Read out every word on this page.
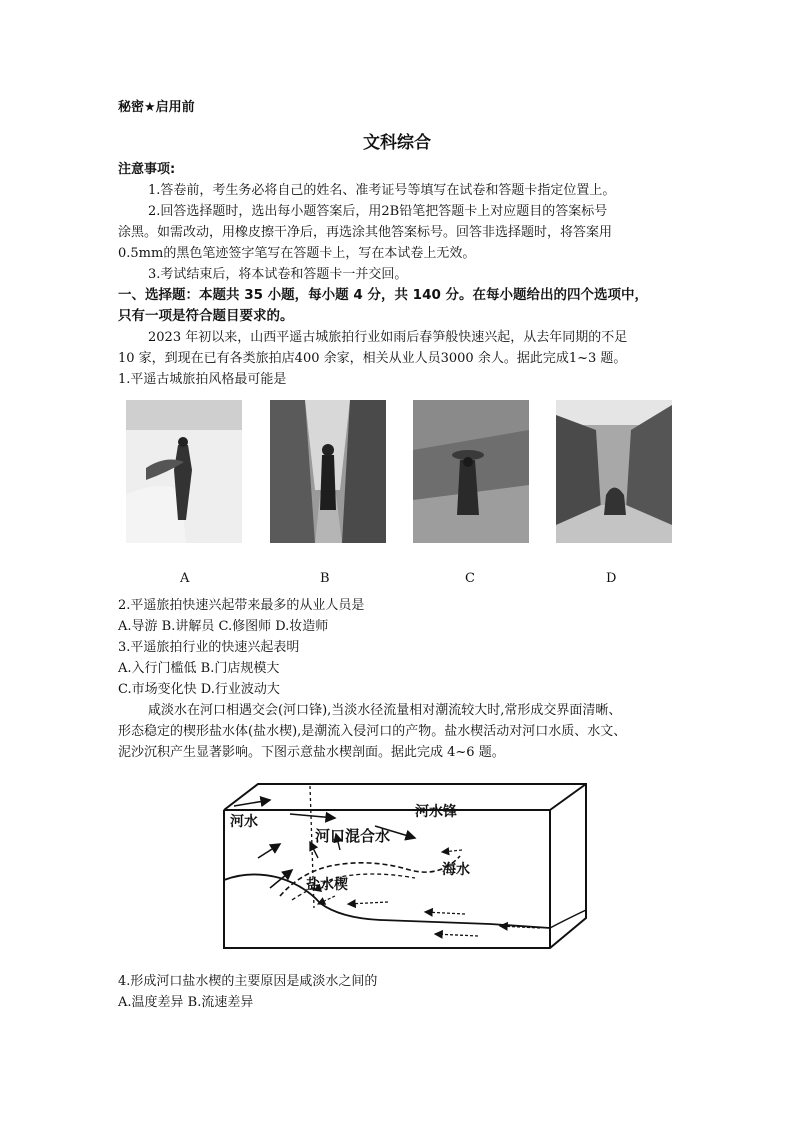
秘密★启用前
文科综合
注意事项:
1.答卷前，考生务必将自己的姓名、准考证号等填写在试卷和答题卡指定位置上。
2.回答选择题时，选出每小题答案后，用2B铅笔把答题卡上对应题目的答案标号
涂黑。如需改动，用橡皮擦干净后，再选涂其他答案标号。回答非选择题时，将答案用
0.5mm的黑色笔迹签字笔写在答题卡上，写在本试卷上无效。
3.考试结束后，将本试卷和答题卡一并交回。
一、选择题：本题共 35 小题，每小题 4 分，共 140 分。在每小题给出的四个选项中，
只有一项是符合题目要求的。
2023 年初以来，山西平遥古城旅拍行业如雨后春笋般快速兴起，从去年同期的不足
10 家，到现在已有各类旅拍店400 余家，相关从业人员3000 余人。据此完成1~3 题。
1.平遥古城旅拍风格最可能是
A	B	C	D
2.平遥旅拍快速兴起带来最多的从业人员是
A.导游 B.讲解员 C.修图师 D.妆造师
3.平遥旅拍行业的快速兴起表明
A.入行门槛低 B.门店规模大
C.市场变化快 D.行业波动大
咸淡水在河口相遇交会(河口锋),当淡水径流量相对潮流较大时,常形成交界面清晰、
形态稳定的楔形盐水体(盐水楔),是潮流入侵河口的产物。盐水楔活动对河口水质、水文、
泥沙沉积产生显著影响。下图示意盐水楔剖面。据此完成 4~6 题。
河水
河水锋
河口混合水
海水
盐水楔
4.形成河口盐水楔的主要原因是咸淡水之间的
A.温度差异 B.流速差异
